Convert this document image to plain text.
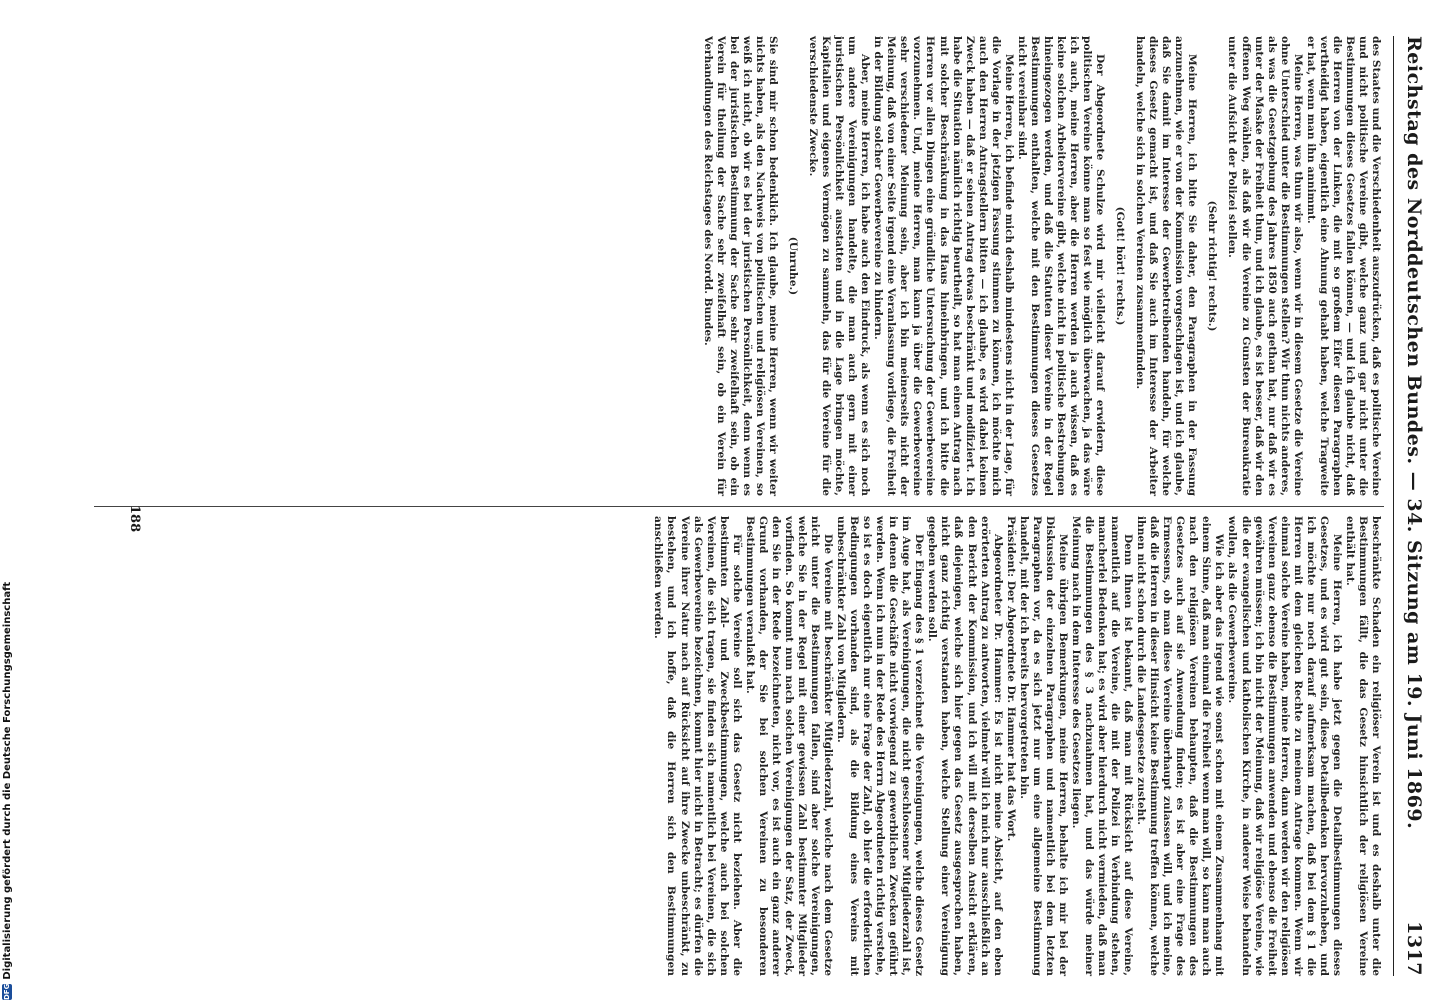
Reichstag des Norddeutschen Bundes. — 34. Sitzung am 19. Juni 1869.
1317

des Staates und die Verschiedenheit auszudrücken, daß es politische Vereine und nicht politische Vereine gibt, welche ganz und gar nicht unter die Bestimmungen dieses Gesetzes fallen können, — und ich glaube nicht, daß die Herren von der Linken, die mit so großem Eifer diesen Paragraphen vertheidigt haben, eigentlich eine Ahnung gehabt haben, welche Tragweite er hat, wenn man ihn annimmt.

Meine Herren, was thun wir also, wenn wir in diesem Gesetze die Vereine ohne Unterschied unter die Bestimmungen stellen? Wir thun nichts anderes, als was die Gesetzgebung des Jahres 1850 auch gethan hat, nur daß wir es unter der Maske der Freiheit thun, und ich glaube, es ist besser, daß wir den offenen Weg wählen, als daß wir die Vereine zu Gunsten der Bureaukratie unter die Aufsicht der Polizei stellen.

(Sehr richtig! rechts.)

Meine Herren, ich bitte Sie daher, den Paragraphen in der Fassung anzunehmen, wie er von der Kommission vorgeschlagen ist, und ich glaube, daß Sie damit im Interesse der Gewerbetreibenden handeln, für welche dieses Gesetz gemacht ist, und daß Sie auch im Interesse der Arbeiter handeln, welche sich in solchen Vereinen zusammenfinden.

(Gott! hört! rechts.)

Der Abgeordnete Schulze wird mir vielleicht darauf erwidern, diese politischen Vereine könne man so fest wie möglich überwachen, ja das wäre ich auch, meine Herren, aber die Herren werden ja auch wissen, daß es keine solchen Arbeitervereine gibt, welche nicht in politische Bestrebungen hineingezogen werden, und daß die Statuten dieser Vereine in der Regel Bestimmungen enthalten, welche mit den Bestimmungen dieses Gesetzes nicht vereinbar sind.

Meine Herren, ich befinde mich deshalb mindestens nicht in der Lage, für die Vorlage in der jetzigen Fassung stimmen zu können, ich möchte mich auch den Herren Antragstellern bitten — ich glaube, es wird dabei keinen Zweck haben — daß er seinen Antrag etwas beschränkt und modifiziert. Ich habe die Situation nämlich richtig beurtheilt, so hat man einen Antrag nach mit solcher Beschränkung in das Haus hineinbringen, und ich bitte die Herren vor allen Dingen eine gründliche Untersuchung der Gewerbevereine vorzunehmen. Und, meine Herren, man kann ja über die Gewerbevereine sehr verschiedener Meinung sein, aber ich bin meinerseits nicht der Meinung, daß von einer Seite irgend eine Veranlassung vorliege, die Freiheit in der Bildung solcher Gewerbevereine zu hindern.

Aber, meine Herren, ich habe auch den Eindruck, als wenn es sich noch um andere Vereinigungen handelte, die man auch gern mit einer juristischen Persönlichkeit ausstatten und in die Lage bringen möchte, Kapitalien und eigenes Vermögen zu sammeln, das für die Vereine für die verschiedenste Zwecke.

(Unruhe.)

Sie sind mir schon bedenklich. Ich glaube, meine Herren, wenn wir weiter nichts haben, als den Nachweis von politischen und religiösen Vereinen, so weiß ich nicht, ob wir es bei der juristischen Persönlichkeit, denn wenn es bei der juristischen Bestimmung der Sache sehr zweifelhaft sein, ob ein Verein für theilung der Sache sehr zweifelhaft sein, ob ein Verein für Verhandlungen des Reichstages des Nordd. Bundes.

beschränkte Schaden ein religiöser Verein ist und es deshalb unter die Bestimmungen fällt, die das Gesetz hinsichtlich der religiösen Vereine enthält hat.

Meine Herren, ich habe jetzt gegen die Detailbestimmungen dieses Gesetzes, und es wird gut sein, diese Detailbedenken hervorzuheben, und ich möchte nur noch darauf aufmerksam machen, daß bei dem § 1 die Herren mit dem gleichen Rechte zu meinem Antrage kommen. Wenn wir einmal solche Vereine haben, meine Herren, dann werden wir den religiösen Vereinen ganz ebenso die Bestimmungen anwenden und ebenso die Freiheit gewähren müssen; ich bin nicht der Meinung, daß wir religiöse Vereine, wie die der evangelischen und katholischen Kirche, in anderer Weise behandeln wollen, als die Gewerbevereine.

Wie ich aber das irgend wie sonst schon mit einem Zusammenhang mit einem Sinne, daß man einmal die Freiheit wenn man will, so kann man auch nach den religiösen Vereinen behaupten, daß die Bestimmungen des Gesetzes auch auf sie Anwendung finden; es ist aber eine Frage des Ermessens, ob man diese Vereine überhaupt zulassen will, und ich meine, daß die Herren in dieser Hinsicht keine Bestimmung treffen können, welche ihnen nicht schon durch die Landesgesetze zusteht.

Denn Ihnen ist bekannt, daß man mit Rücksicht auf diese Vereine, namentlich auf die Vereine, die mit der Polizei in Verbindung stehen, mancherlei Bedenken hat; es wird aber hierdurch nicht vermieden, daß man die Bestimmungen des § 3 nachzuahmen hat, und das würde meiner Meinung nach in dem Interesse des Gesetzes liegen.

Meine übrigen Bemerkungen, meine Herren, behalte ich mir bei der Diskussion der einzelnen Paragraphen und namentlich bei dem letzten Paragraphen vor, da es sich jetzt nur um eine allgemeine Bestimmung handelt, mit der ich bereits hervorgetreten bin.

Präsident: Der Abgeordnete Dr. Hammer hat das Wort.

Abgeordneter Dr. Hammer: Es ist nicht meine Absicht, auf den eben erörterten Antrag zu antworten, vielmehr will ich mich nur ausschließlich an den Bericht der Kommission, und ich will mit derselben Ansicht erklären, daß diejenigen, welche sich hier gegen das Gesetz ausgesprochen haben, nicht ganz richtig verstanden haben, welche Stellung einer Vereinigung gegeben werden soll.

Der Eingang des § 1 verzeichnet die Vereinigungen, welche dieses Gesetz im Auge hat, als Vereinigungen, die nicht geschlossener Mitgliederzahl ist, in denen die Geschäfte nicht vorwiegend zu gewerblichen Zwecken geführt werden. Wenn ich nun in der Rede des Herrn Abgeordneten richtig verstehe, so ist es doch eigentlich nur eine Frage der Zahl, ob hier die erforderlichen Bedingungen vorhanden sind, als die Bildung eines Vereins mit unbeschränkter Zahl von Mitgliedern.

Die Vereine mit beschränkter Mitgliederzahl, welche nach dem Gesetze nicht unter die Bestimmungen fallen, sind aber solche Vereinigungen, welche Sie in der Regel mit einer gewissen Zahl bestimmter Mitglieder vorfinden. So kommt nun nach solchen Vereinigungen der Satz, der Zweck, den Sie in der Rede bezeichneten, nicht vor, es ist auch ein ganz anderer Grund vorhanden, der Sie bei solchen Vereinen zu besonderen Bestimmungen veranlaßt hat.

Für solche Vereine soll sich das Gesetz nicht beziehen. Aber die bestimmten Zahl- und Zweckbestimmungen, welche auch bei solchen Vereinen, die sich tragen, sie finden sich namentlich bei Vereinen, die sich als Gewerbevereine bezeichnen, kommt hier nicht in Betracht; es dürfen die Vereine ihrer Natur nach auf Rücksicht auf ihre Zwecke unbeschränkt, zu bestehen, und ich hoffe, daß die Herren sich den Bestimmungen anschließen werden.

188
DFG
Digitalisierung gefördert durch die Deutsche Forschungsgemeinschaft
